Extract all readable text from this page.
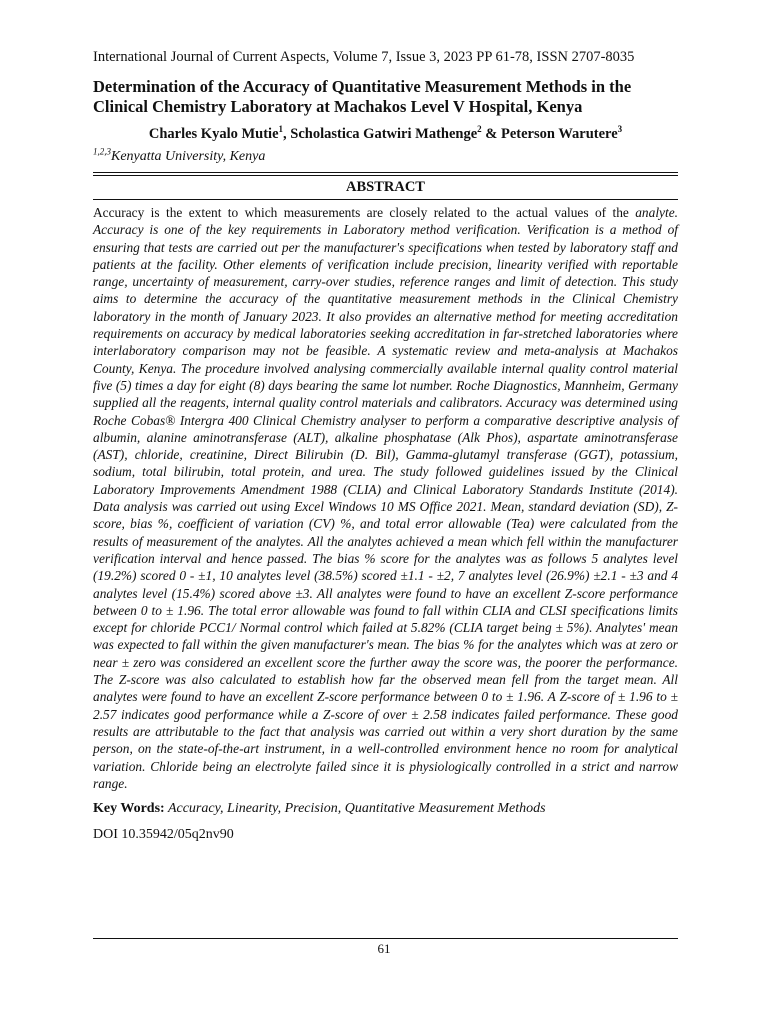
International Journal of Current Aspects, Volume 7, Issue 3, 2023 PP 61-78, ISSN 2707-8035
Determination of the Accuracy of Quantitative Measurement Methods in the Clinical Chemistry Laboratory at Machakos Level V Hospital, Kenya
Charles Kyalo Mutie$^1$, Scholastica Gatwiri Mathenge$^2$ & Peterson Warutere$^3$
$^{1,2,3}$Kenyatta University, Kenya
ABSTRACT
Accuracy is the extent to which measurements are closely related to the actual values of the analyte. Accuracy is one of the key requirements in Laboratory method verification. Verification is a method of ensuring that tests are carried out per the manufacturer's specifications when tested by laboratory staff and patients at the facility. Other elements of verification include precision, linearity verified with reportable range, uncertainty of measurement, carry-over studies, reference ranges and limit of detection. This study aims to determine the accuracy of the quantitative measurement methods in the Clinical Chemistry laboratory in the month of January 2023. It also provides an alternative method for meeting accreditation requirements on accuracy by medical laboratories seeking accreditation in far-stretched laboratories where interlaboratory comparison may not be feasible. A systematic review and meta-analysis at Machakos County, Kenya. The procedure involved analysing commercially available internal quality control material five (5) times a day for eight (8) days bearing the same lot number. Roche Diagnostics, Mannheim, Germany supplied all the reagents, internal quality control materials and calibrators. Accuracy was determined using Roche Cobas® Intergra 400 Clinical Chemistry analyser to perform a comparative descriptive analysis of albumin, alanine aminotransferase (ALT), alkaline phosphatase (Alk Phos), aspartate aminotransferase (AST), chloride, creatinine, Direct Bilirubin (D. Bil), Gamma-glutamyl transferase (GGT), potassium, sodium, total bilirubin, total protein, and urea. The study followed guidelines issued by the Clinical Laboratory Improvements Amendment 1988 (CLIA) and Clinical Laboratory Standards Institute (2014). Data analysis was carried out using Excel Windows 10 MS Office 2021. Mean, standard deviation (SD), Z-score, bias %, coefficient of variation (CV) %, and total error allowable (Tea) were calculated from the results of measurement of the analytes. All the analytes achieved a mean which fell within the manufacturer verification interval and hence passed. The bias % score for the analytes was as follows 5 analytes level (19.2%) scored 0 - ±1, 10 analytes level (38.5%) scored ±1.1 - ±2, 7 analytes level (26.9%) ±2.1 - ±3 and 4 analytes level (15.4%) scored above ±3. All analytes were found to have an excellent Z-score performance between 0 to ± 1.96. The total error allowable was found to fall within CLIA and CLSI specifications limits except for chloride PCC1/ Normal control which failed at 5.82% (CLIA target being ± 5%). Analytes' mean was expected to fall within the given manufacturer's mean. The bias % for the analytes which was at zero or near ± zero was considered an excellent score the further away the score was, the poorer the performance. The Z-score was also calculated to establish how far the observed mean fell from the target mean. All analytes were found to have an excellent Z-score performance between 0 to ± 1.96. A Z-score of ± 1.96 to ± 2.57 indicates good performance while a Z-score of over ± 2.58 indicates failed performance. These good results are attributable to the fact that analysis was carried out within a very short duration by the same person, on the state-of-the-art instrument, in a well-controlled environment hence no room for analytical variation. Chloride being an electrolyte failed since it is physiologically controlled in a strict and narrow range.
Key Words: Accuracy, Linearity, Precision, Quantitative Measurement Methods
DOI 10.35942/05q2nv90
61
